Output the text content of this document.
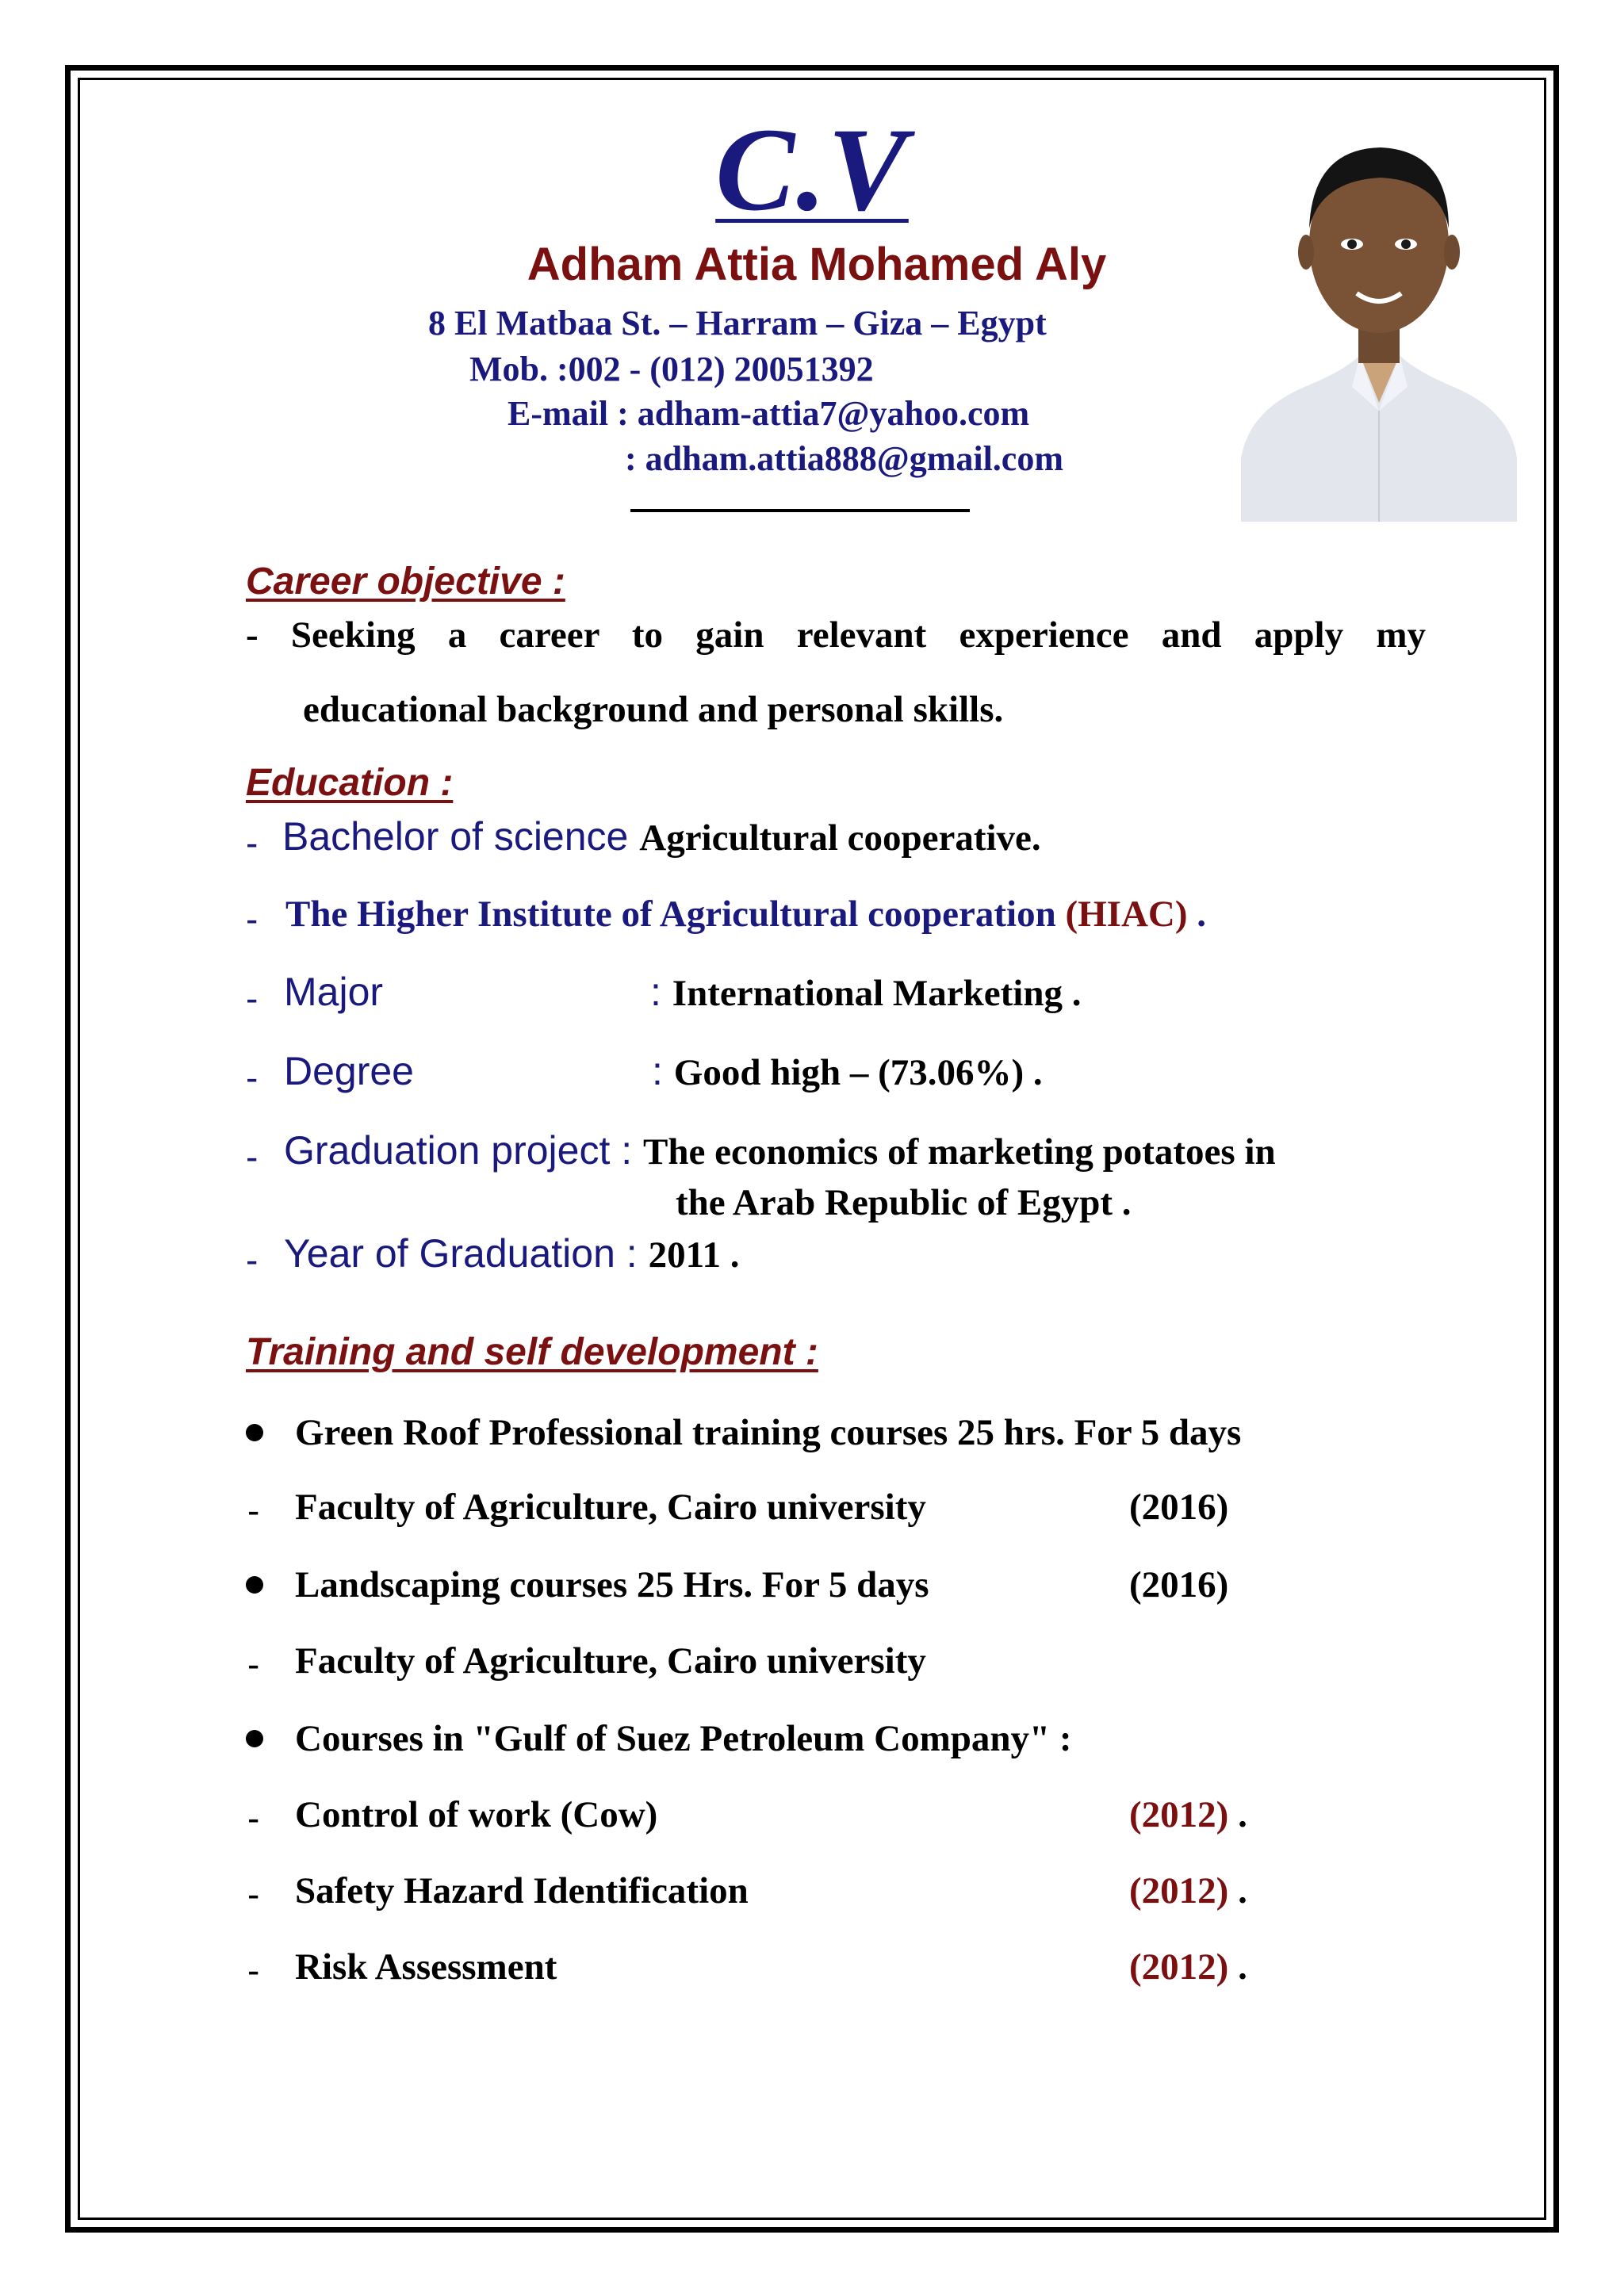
C.V
Adham Attia Mohamed Aly
8 El Matbaa St. – Harram – Giza – Egypt
Mob. :002 - (012) 20051392
E-mail : adham-attia7@yahoo.com
: adham.attia888@gmail.com
Career objective :
- Seeking a career to gain relevant experience and apply my
educational background and personal skills.
Education :
- Bachelor of science Agricultural cooperative.
- The Higher Institute of Agricultural cooperation (HIAC) .
- Major	: International Marketing .
- Degree	: Good high – (73.06%) .
- Graduation project : The economics of marketing potatoes in
the Arab Republic of Egypt .
- Year of Graduation : 2011 .
Training and self development :
Green Roof Professional training courses 25 hrs. For 5 days
- Faculty of Agriculture, Cairo university	(2016)
Landscaping courses 25 Hrs. For 5 days	(2016)
- Faculty of Agriculture, Cairo university
Courses in "Gulf of Suez Petroleum Company" :
- Control of work (Cow)	(2012) .
- Safety Hazard Identification	(2012) .
- Risk Assessment	(2012) .
